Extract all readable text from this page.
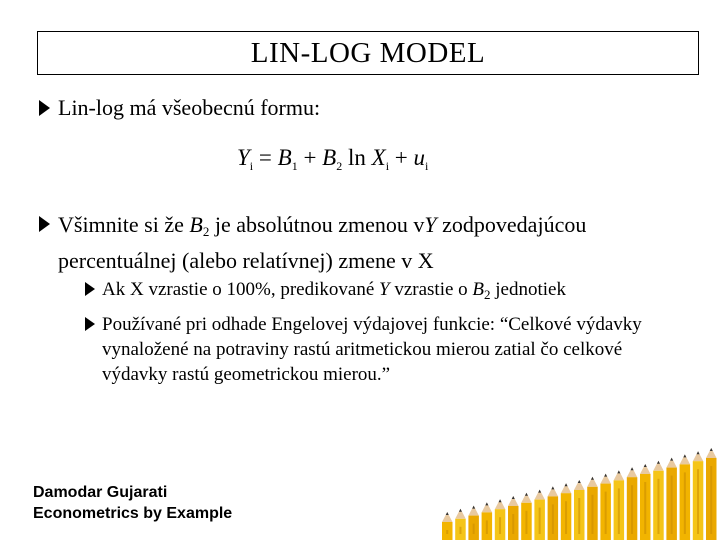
LIN-LOG MODEL
Lin-log má všeobecnú formu:
$Y_i = B_1 + B_2$ $\ln X_i + u_i$
Všimnite si že $B_2$ je absolútnou zmenou vY zodpovedajúcou percentuálnej (alebo relatívnej) zmene v X
Ak X vzrastie o 100%, predikované Y vzrastie o $B_2$ jednotiek
Používané pri odhade Engelovej výdajovej funkcie: “Celkové výdavky vynaložené na potraviny rastú aritmetickou mierou zatial čo celkové výdavky rastú geometrickou mierou.”
Damodar Gujarati
Econometrics by Example
